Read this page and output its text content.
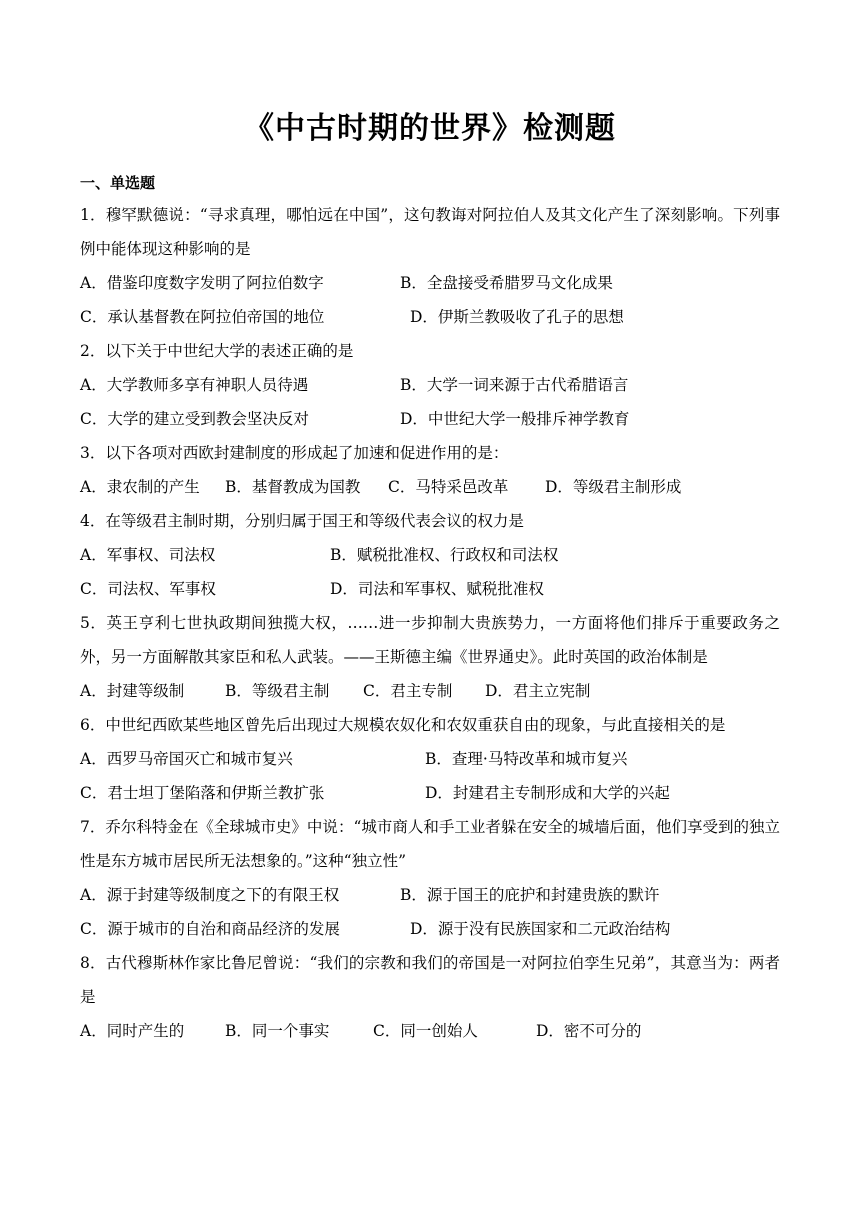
《中古时期的世界》检测题
一、单选题
1．穆罕默德说：“寻求真理，哪怕远在中国”，这句教诲对阿拉伯人及其文化产生了深刻影响。下列事例中能体现这种影响的是
A．借鉴印度数字发明了阿拉伯数字	B．全盘接受希腊罗马文化成果
C．承认基督教在阿拉伯帝国的地位	D．伊斯兰教吸收了孔子的思想
2．以下关于中世纪大学的表述正确的是
A．大学教师多享有神职人员待遇	B．大学一词来源于古代希腊语言
C．大学的建立受到教会坚决反对	D．中世纪大学一般排斥神学教育
3．以下各项对西欧封建制度的形成起了加速和促进作用的是：
A．隶农制的产生	B．基督教成为国教	C．马特采邑改革	D．等级君主制形成
4．在等级君主制时期，分别归属于国王和等级代表会议的权力是
A．军事权、司法权	B．赋税批准权、行政权和司法权
C．司法权、军事权	D．司法和军事权、赋税批准权
5．英王亨利七世执政期间独揽大权，……进一步抑制大贵族势力，一方面将他们排斥于重要政务之外，另一方面解散其家臣和私人武装。——王斯德主编《世界通史》。此时英国的政治体制是
A．封建等级制	B．等级君主制	C．君主专制	D．君主立宪制
6．中世纪西欧某些地区曾先后出现过大规模农奴化和农奴重获自由的现象，与此直接相关的是
A．西罗马帝国灭亡和城市复兴	B．查理·马特改革和城市复兴
C．君士坦丁堡陷落和伊斯兰教扩张	D．封建君主专制形成和大学的兴起
7．乔尔科特金在《全球城市史》中说：“城市商人和手工业者躲在安全的城墙后面，他们享受到的独立性是东方城市居民所无法想象的。”这种“独立性”
A．源于封建等级制度之下的有限王权	B．源于国王的庇护和封建贵族的默许
C．源于城市的自治和商品经济的发展	D．源于没有民族国家和二元政治结构
8．古代穆斯林作家比鲁尼曾说：“我们的宗教和我们的帝国是一对阿拉伯孪生兄弟”，其意当为：两者是
A．同时产生的	B．同一个事实	C．同一创始人	D．密不可分的
